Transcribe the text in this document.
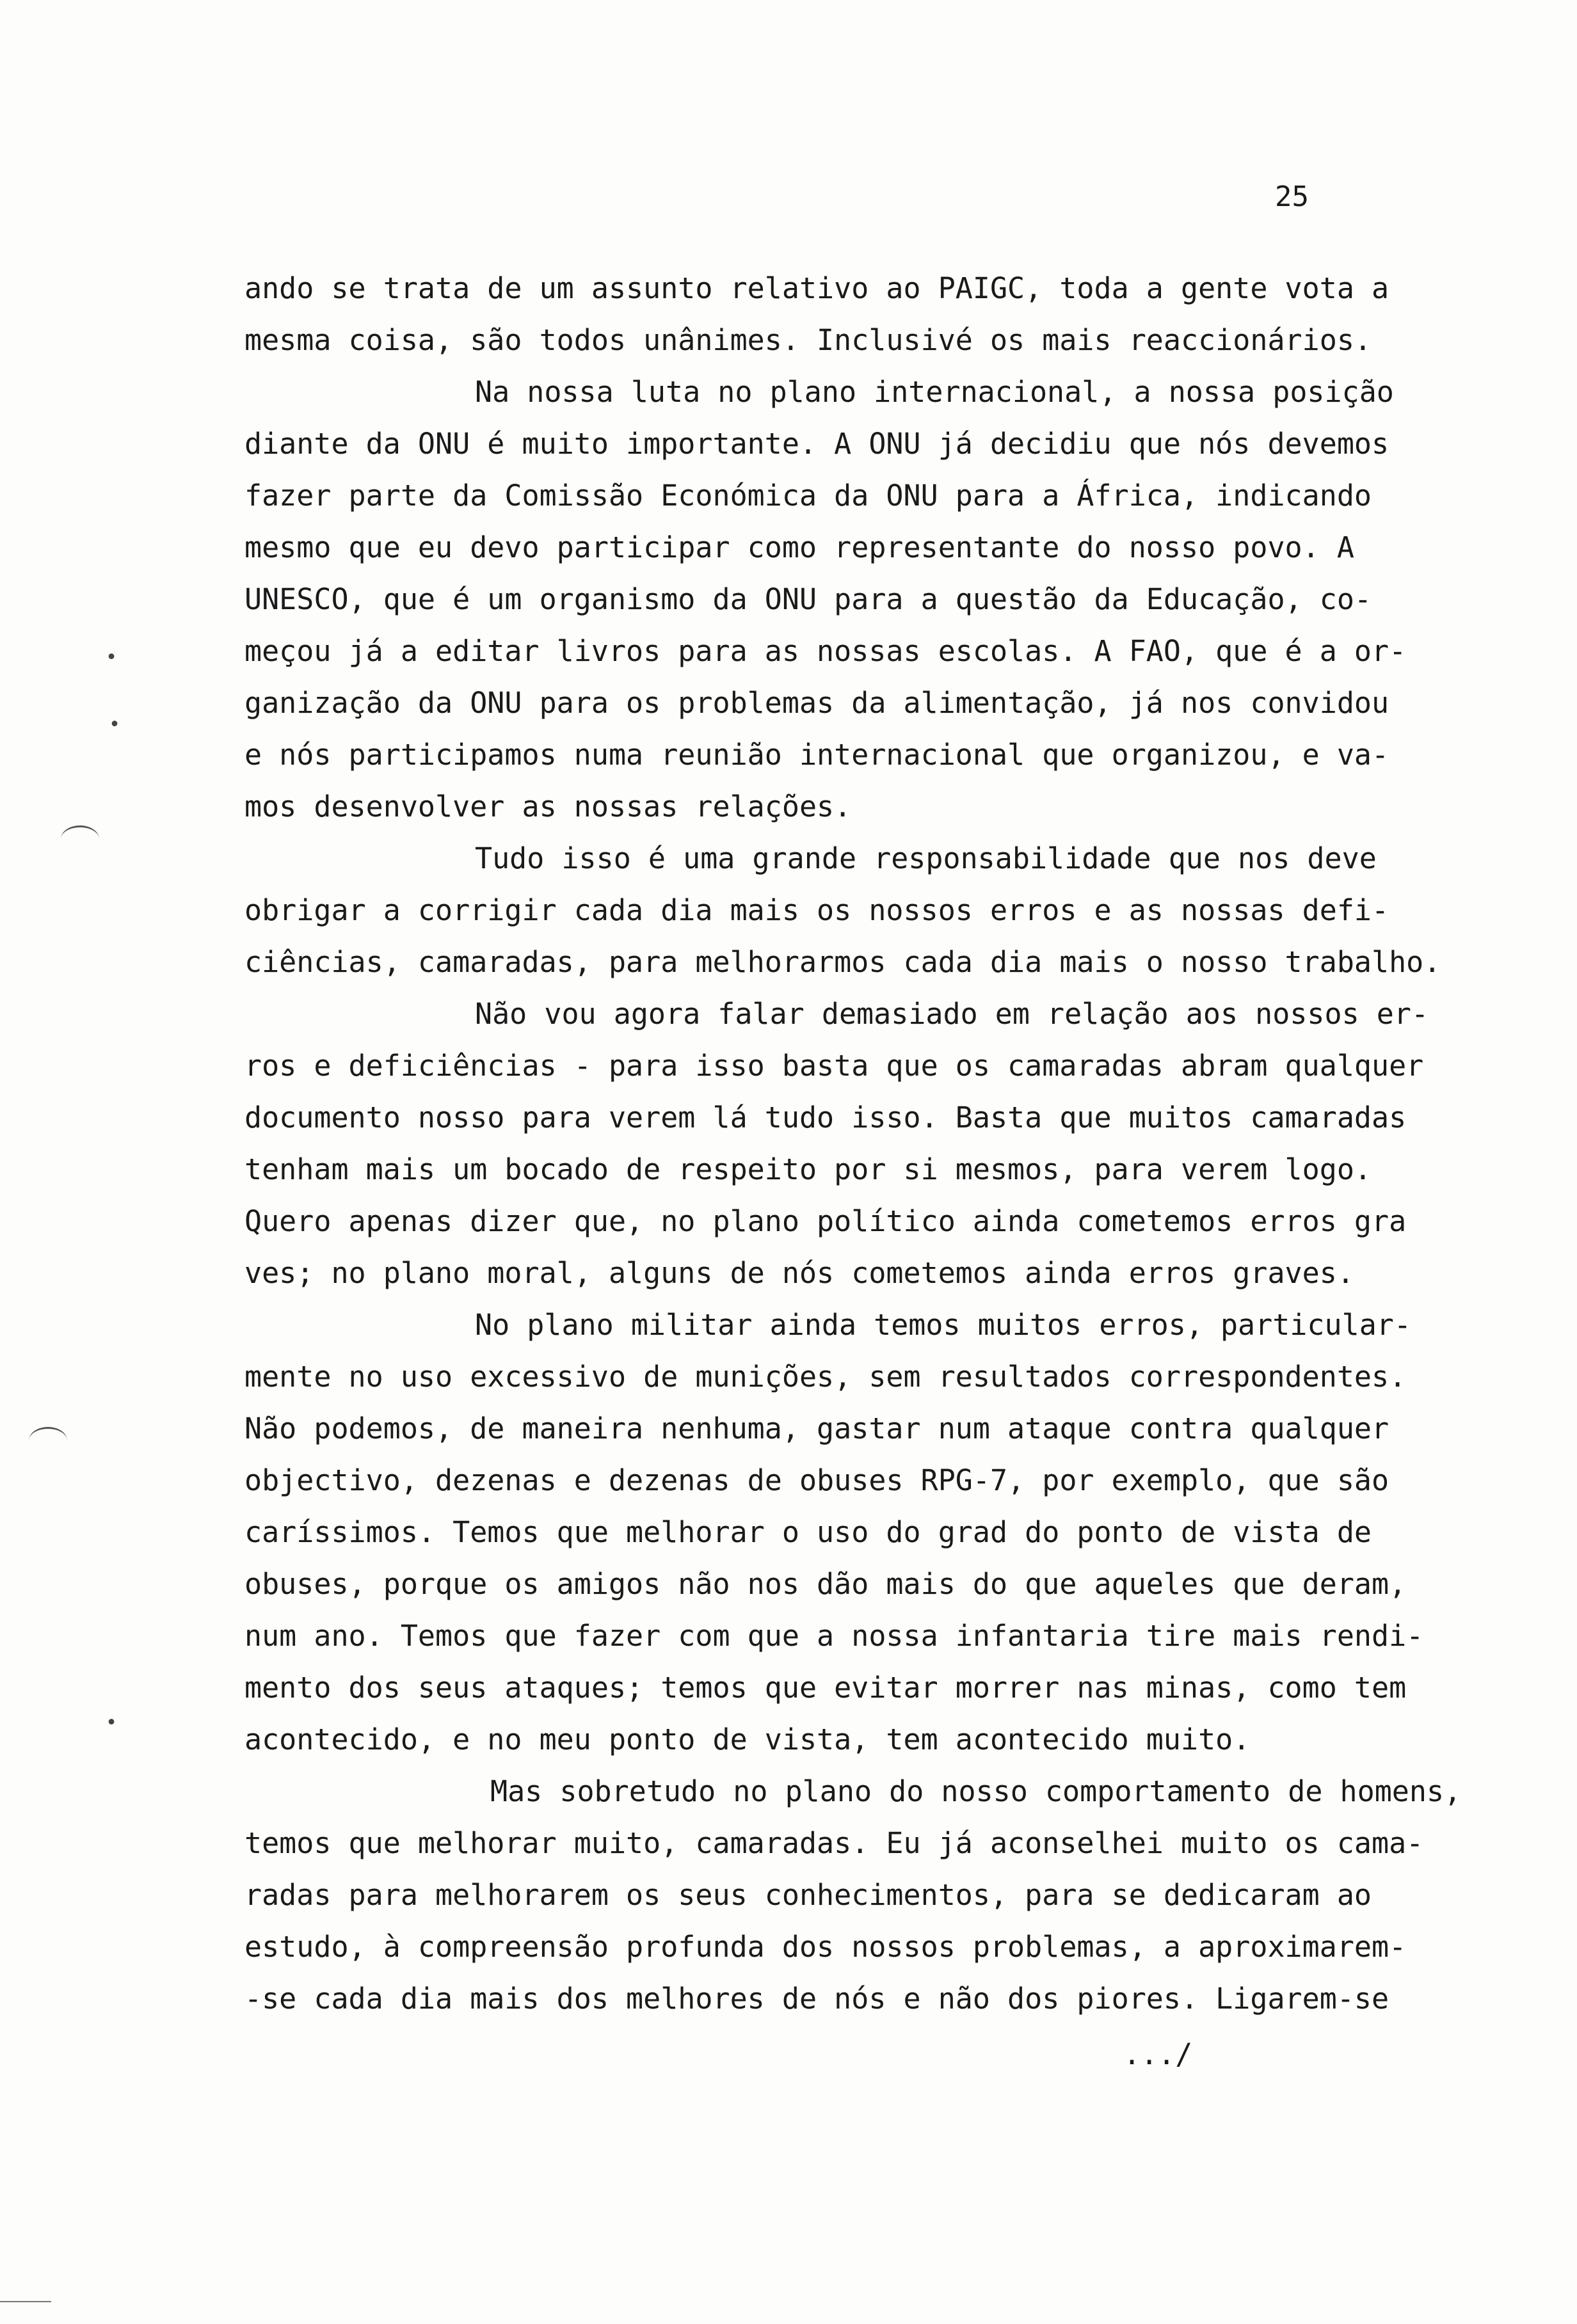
25
ando se trata de um assunto relativo ao PAIGC, toda a gente vota a
mesma coisa, são todos unânimes. Inclusivé os mais reaccionários.
Na nossa luta no plano internacional, a nossa posição
diante da ONU é muito importante. A ONU já decidiu que nós devemos
fazer parte da Comissão Económica da ONU para a África, indicando
mesmo que eu devo participar como representante do nosso povo. A
UNESCO, que é um organismo da ONU para a questão da Educação, co-
meçou já a editar livros para as nossas escolas. A FAO, que é a or-
ganização da ONU para os problemas da alimentação, já nos convidou
e nós participamos numa reunião internacional que organizou, e va-
mos desenvolver as nossas relações.
Tudo isso é uma grande responsabilidade que nos deve
obrigar a corrigir cada dia mais os nossos erros e as nossas defi-
ciências, camaradas, para melhorarmos cada dia mais o nosso trabalho.
Não vou agora falar demasiado em relação aos nossos er-
ros e deficiências - para isso basta que os camaradas abram qualquer
documento nosso para verem lá tudo isso. Basta que muitos camaradas
tenham mais um bocado de respeito por si mesmos, para verem logo.
Quero apenas dizer que, no plano político ainda cometemos erros gra
ves; no plano moral, alguns de nós cometemos ainda erros graves.
No plano militar ainda temos muitos erros, particular-
mente no uso excessivo de munições, sem resultados correspondentes.
Não podemos, de maneira nenhuma, gastar num ataque contra qualquer
objectivo, dezenas e dezenas de obuses RPG-7, por exemplo, que são
caríssimos. Temos que melhorar o uso do grad do ponto de vista de
obuses, porque os amigos não nos dão mais do que aqueles que deram,
num ano. Temos que fazer com que a nossa infantaria tire mais rendi-
mento dos seus ataques; temos que evitar morrer nas minas, como tem
acontecido, e no meu ponto de vista, tem acontecido muito.
Mas sobretudo no plano do nosso comportamento de homens,
temos que melhorar muito, camaradas. Eu já aconselhei muito os cama-
radas para melhorarem os seus conhecimentos, para se dedicaram ao
estudo, à compreensão profunda dos nossos problemas, a aproximarem-
-se cada dia mais dos melhores de nós e não dos piores. Ligarem-se
.../
•
•
•
